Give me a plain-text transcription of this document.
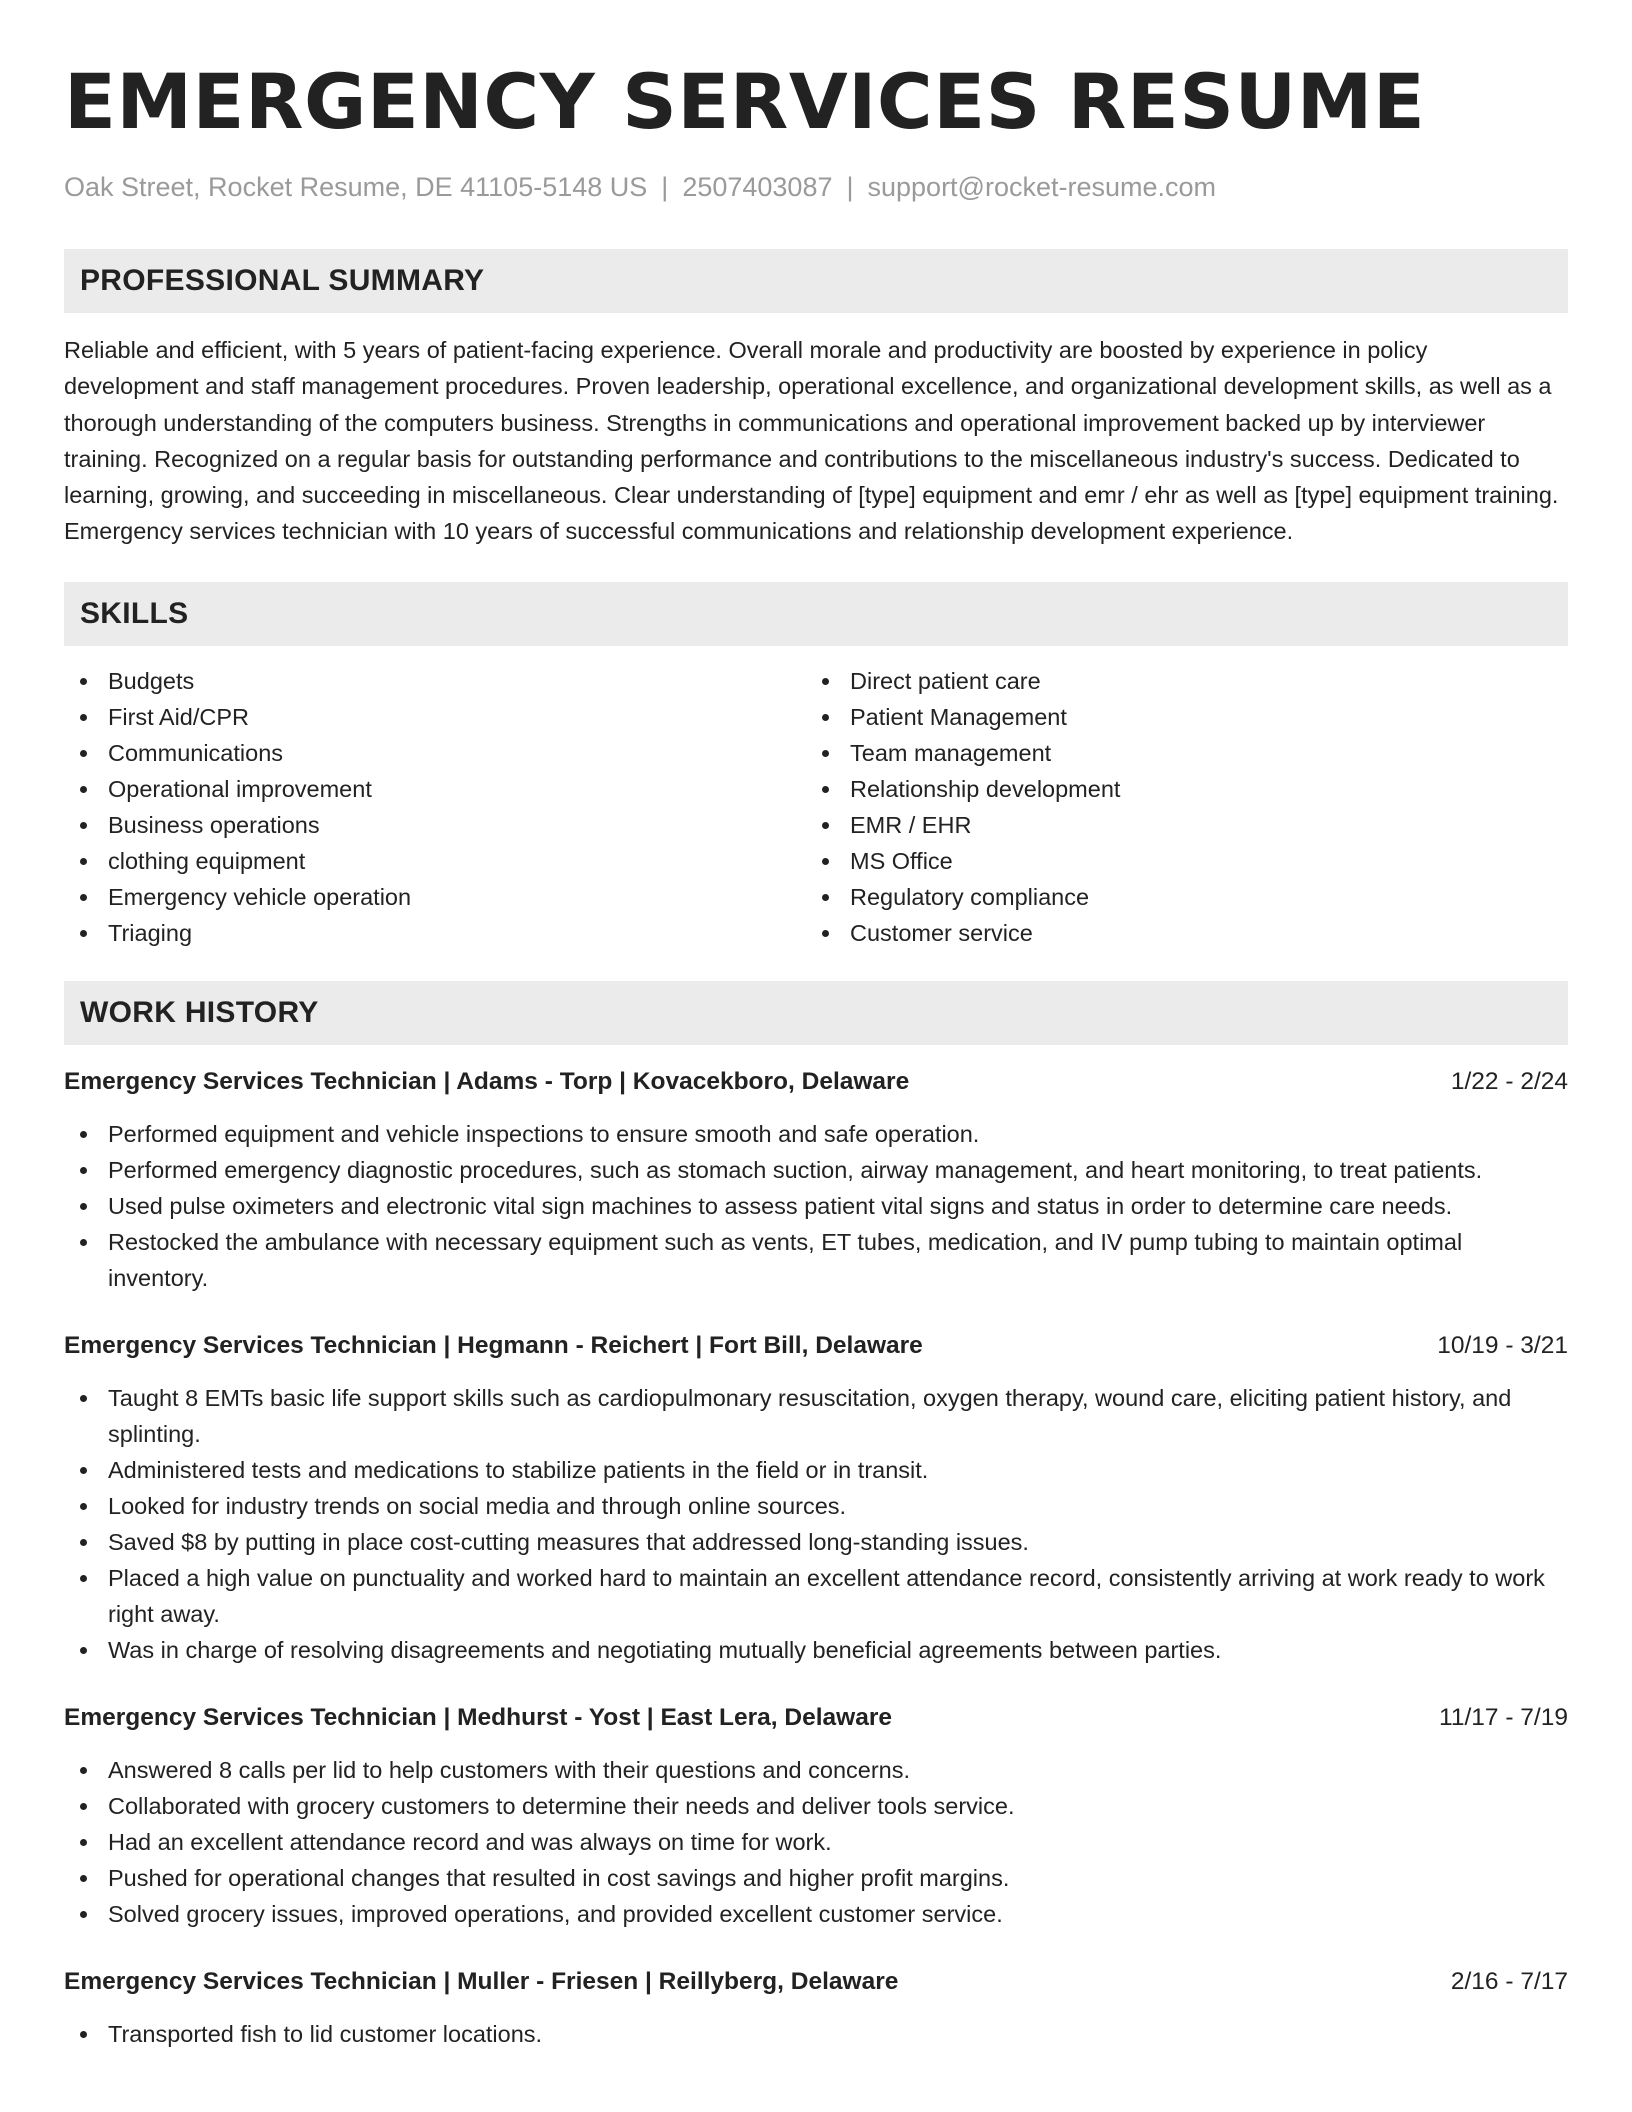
EMERGENCY SERVICES RESUME
Oak Street, Rocket Resume, DE 41105-5148 US | 2507403087 | support@rocket-resume.com
PROFESSIONAL SUMMARY

Reliable and efficient, with 5 years of patient-facing experience. Overall morale and productivity are boosted by experience in policy development and staff management procedures. Proven leadership, operational excellence, and organizational development skills, as well as a thorough understanding of the computers business. Strengths in communications and operational improvement backed up by interviewer training. Recognized on a regular basis for outstanding performance and contributions to the miscellaneous industry's success. Dedicated to learning, growing, and succeeding in miscellaneous. Clear understanding of [type] equipment and emr / ehr as well as [type] equipment training. Emergency services technician with 10 years of successful communications and relationship development experience.

SKILLS
Budgets
First Aid/CPR
Communications
Operational improvement
Business operations
clothing equipment
Emergency vehicle operation
Triaging
Direct patient care
Patient Management
Team management
Relationship development
EMR / EHR
MS Office
Regulatory compliance
Customer service
WORK HISTORY
Emergency Services Technician | Adams - Torp | Kovacekboro, Delaware	1/22 - 2/24
Performed equipment and vehicle inspections to ensure smooth and safe operation.
Performed emergency diagnostic procedures, such as stomach suction, airway management, and heart monitoring, to treat patients.
Used pulse oximeters and electronic vital sign machines to assess patient vital signs and status in order to determine care needs.
Restocked the ambulance with necessary equipment such as vents, ET tubes, medication, and IV pump tubing to maintain optimal inventory.
Emergency Services Technician | Hegmann - Reichert | Fort Bill, Delaware	10/19 - 3/21
Taught 8 EMTs basic life support skills such as cardiopulmonary resuscitation, oxygen therapy, wound care, eliciting patient history, and splinting.
Administered tests and medications to stabilize patients in the field or in transit.
Looked for industry trends on social media and through online sources.
Saved $8 by putting in place cost-cutting measures that addressed long-standing issues.
Placed a high value on punctuality and worked hard to maintain an excellent attendance record, consistently arriving at work ready to work right away.
Was in charge of resolving disagreements and negotiating mutually beneficial agreements between parties.
Emergency Services Technician | Medhurst - Yost | East Lera, Delaware	11/17 - 7/19
Answered 8 calls per lid to help customers with their questions and concerns.
Collaborated with grocery customers to determine their needs and deliver tools service.
Had an excellent attendance record and was always on time for work.
Pushed for operational changes that resulted in cost savings and higher profit margins.
Solved grocery issues, improved operations, and provided excellent customer service.
Emergency Services Technician | Muller - Friesen | Reillyberg, Delaware	2/16 - 7/17
Transported fish to lid customer locations.
